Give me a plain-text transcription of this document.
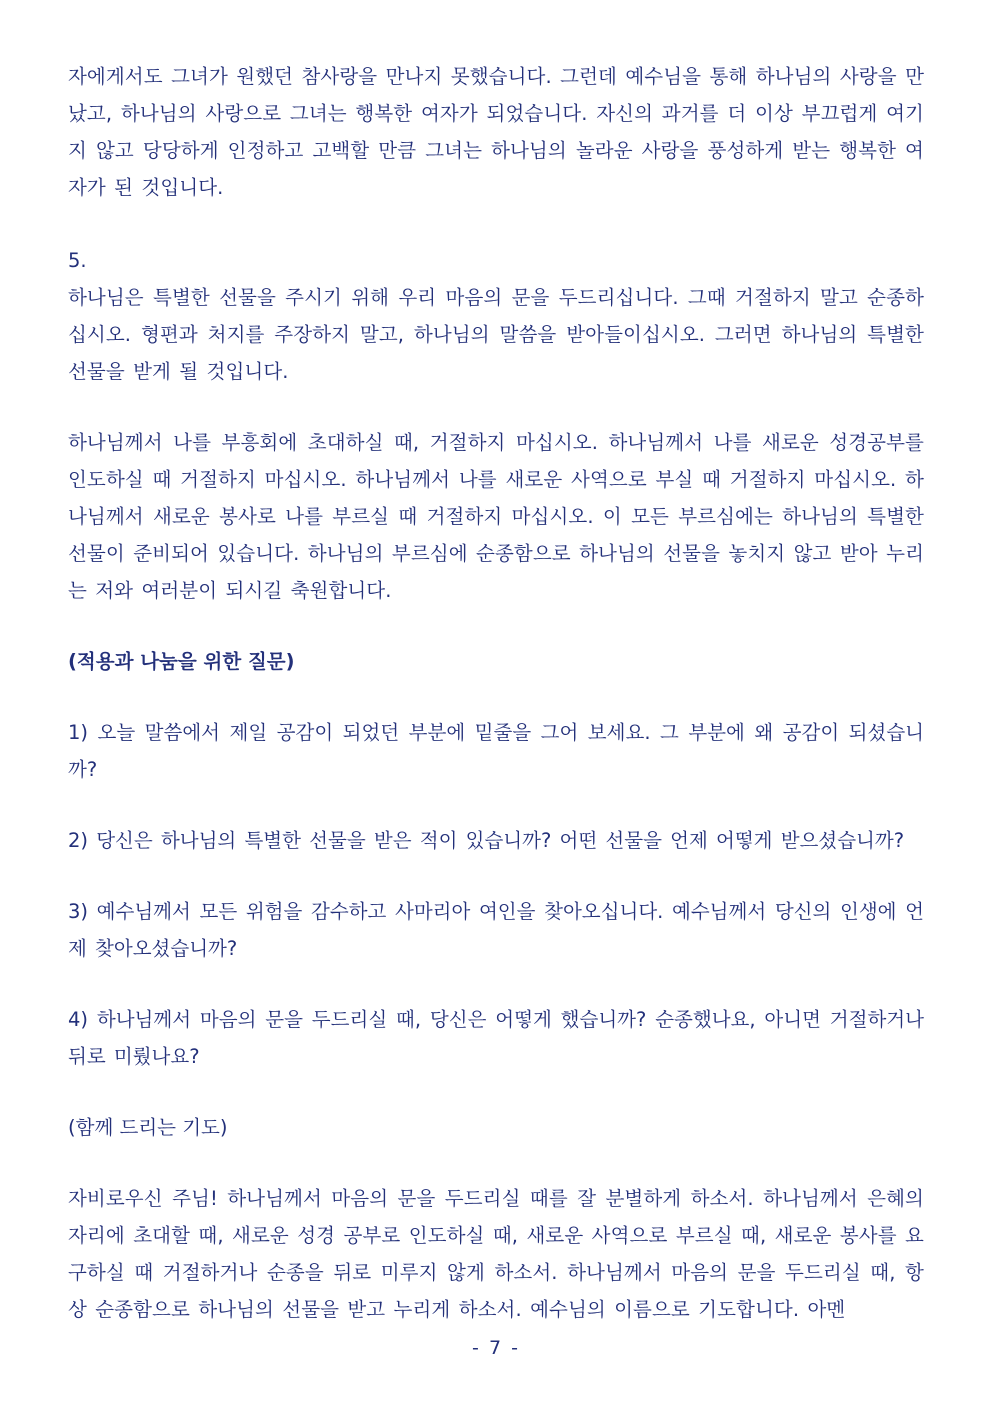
자에게서도 그녀가 원했던 참사랑을 만나지 못했습니다. 그런데 예수님을 통해 하나님의 사랑을 만났고, 하나님의 사랑으로 그녀는 행복한 여자가 되었습니다. 자신의 과거를 더 이상 부끄럽게 여기지 않고 당당하게 인정하고 고백할 만큼 그녀는 하나님의 놀라운 사랑을 풍성하게 받는 행복한 여자가 된 것입니다.

5.

하나님은 특별한 선물을 주시기 위해 우리 마음의 문을 두드리십니다. 그때 거절하지 말고 순종하십시오. 형편과 처지를 주장하지 말고, 하나님의 말씀을 받아들이십시오. 그러면 하나님의 특별한 선물을 받게 될 것입니다.

하나님께서 나를 부흥회에 초대하실 때, 거절하지 마십시오. 하나님께서 나를 새로운 성경공부를 인도하실 때 거절하지 마십시오. 하나님께서 나를 새로운 사역으로 부실 때 거절하지 마십시오. 하나님께서 새로운 봉사로 나를 부르실 때 거절하지 마십시오. 이 모든 부르심에는 하나님의 특별한 선물이 준비되어 있습니다. 하나님의 부르심에 순종함으로 하나님의 선물을 놓치지 않고 받아 누리는 저와 여러분이 되시길 축원합니다.

(적용과 나눔을 위한 질문)

1) 오늘 말씀에서 제일 공감이 되었던 부분에 밑줄을 그어 보세요. 그 부분에 왜 공감이 되셨습니까?

2) 당신은 하나님의 특별한 선물을 받은 적이 있습니까? 어떤 선물을 언제 어떻게 받으셨습니까?

3) 예수님께서 모든 위험을 감수하고 사마리아 여인을 찾아오십니다. 예수님께서 당신의 인생에 언제 찾아오셨습니까?

4) 하나님께서 마음의 문을 두드리실 때, 당신은 어떻게 했습니까? 순종했나요, 아니면 거절하거나 뒤로 미뤘나요?

(함께 드리는 기도)

자비로우신 주님! 하나님께서 마음의 문을 두드리실 때를 잘 분별하게 하소서. 하나님께서 은혜의 자리에 초대할 때, 새로운 성경 공부로 인도하실 때, 새로운 사역으로 부르실 때, 새로운 봉사를 요구하실 때 거절하거나 순종을 뒤로 미루지 않게 하소서. 하나님께서 마음의 문을 두드리실 때, 항상 순종함으로 하나님의 선물을 받고 누리게 하소서. 예수님의 이름으로 기도합니다. 아멘

- 7 -
